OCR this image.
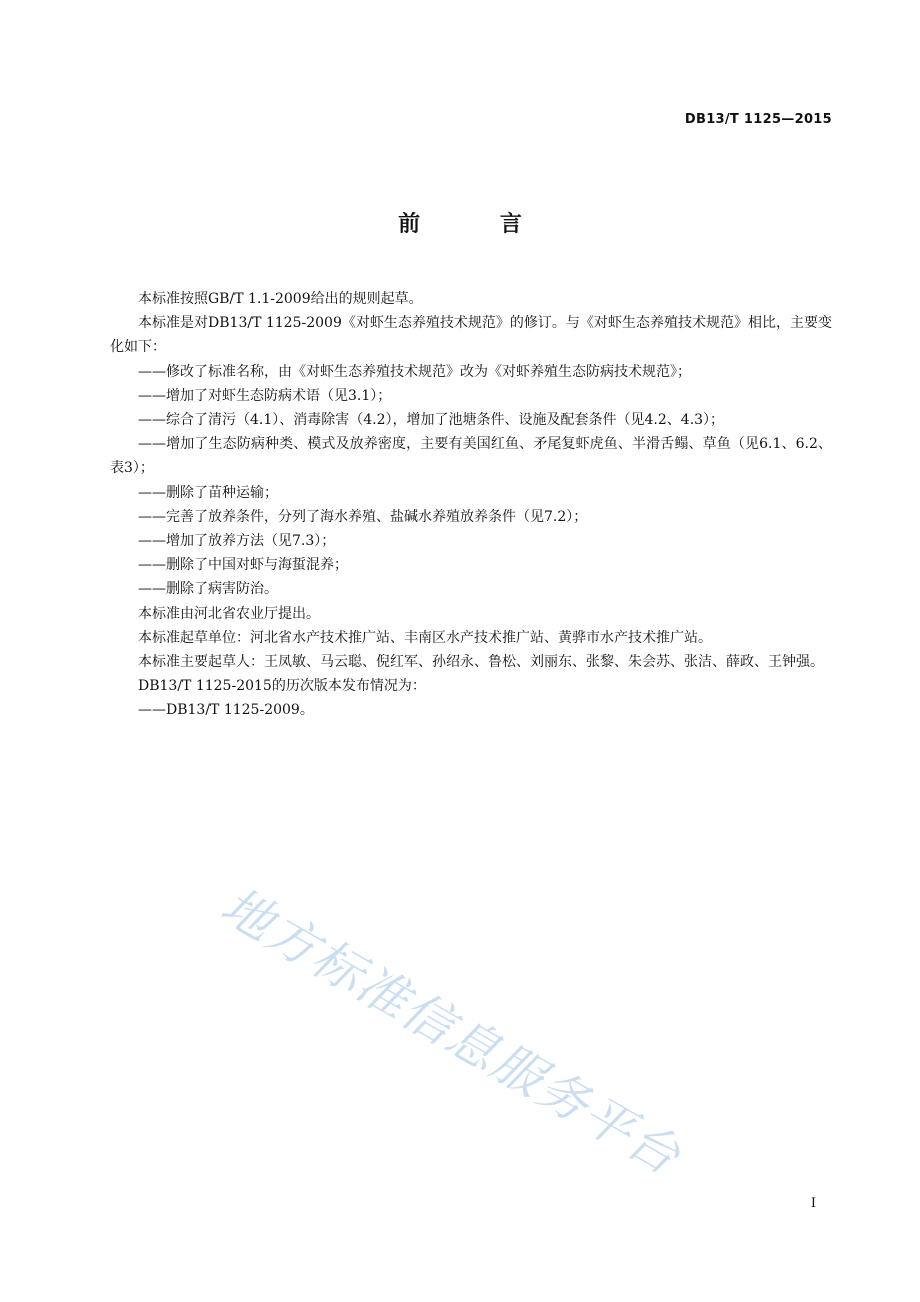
DB13/T 1125—2015
前 言

本标准按照GB/T 1.1-2009给出的规则起草。

本标准是对DB13/T 1125-2009《对虾生态养殖技术规范》的修订。与《对虾生态养殖技术规范》相比，主要变化如下：

——修改了标准名称，由《对虾生态养殖技术规范》改为《对虾养殖生态防病技术规范》；

——增加了对虾生态防病术语（见3.1）；

——综合了清污（4.1）、消毒除害（4.2），增加了池塘条件、设施及配套条件（见4.2、4.3）；

——增加了生态防病种类、模式及放养密度，主要有美国红鱼、矛尾复虾虎鱼、半滑舌鳎、草鱼（见6.1、6.2、表3）；

——删除了苗种运输；

——完善了放养条件，分列了海水养殖、盐碱水养殖放养条件（见7.2）；

——增加了放养方法（见7.3）；

——删除了中国对虾与海蜇混养；

——删除了病害防治。

本标准由河北省农业厅提出。

本标准起草单位：河北省水产技术推广站、丰南区水产技术推广站、黄骅市水产技术推广站。

本标准主要起草人：王凤敏、马云聪、倪红军、孙绍永、鲁松、刘丽东、张黎、朱会苏、张洁、薛政、王钟强。

DB13/T 1125-2015的历次版本发布情况为：

——DB13/T 1125-2009。

地方标准信息服务平台
I
